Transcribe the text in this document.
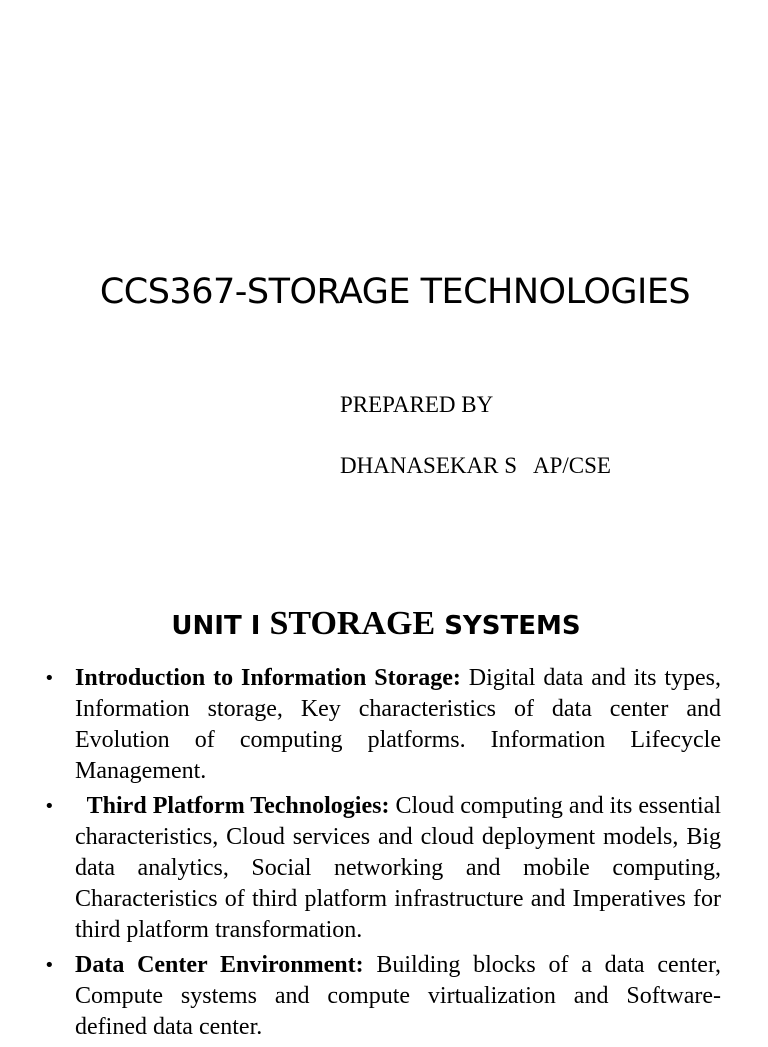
CCS367-STORAGE TECHNOLOGIES
PREPARED BY
DHANASEKAR S   AP/CSE
UNIT I STORAGE SYSTEMS
• Introduction to Information Storage: Digital data and its types, Information storage, Key characteristics of data center and Evolution of computing platforms. Information Lifecycle Management.
• Third Platform Technologies: Cloud computing and its essential characteristics, Cloud services and cloud deployment models, Big data analytics, Social networking and mobile computing, Characteristics of third platform infrastructure and Imperatives for third platform transformation.
• Data Center Environment: Building blocks of a data center, Compute systems and compute virtualization and Software-defined data center.
